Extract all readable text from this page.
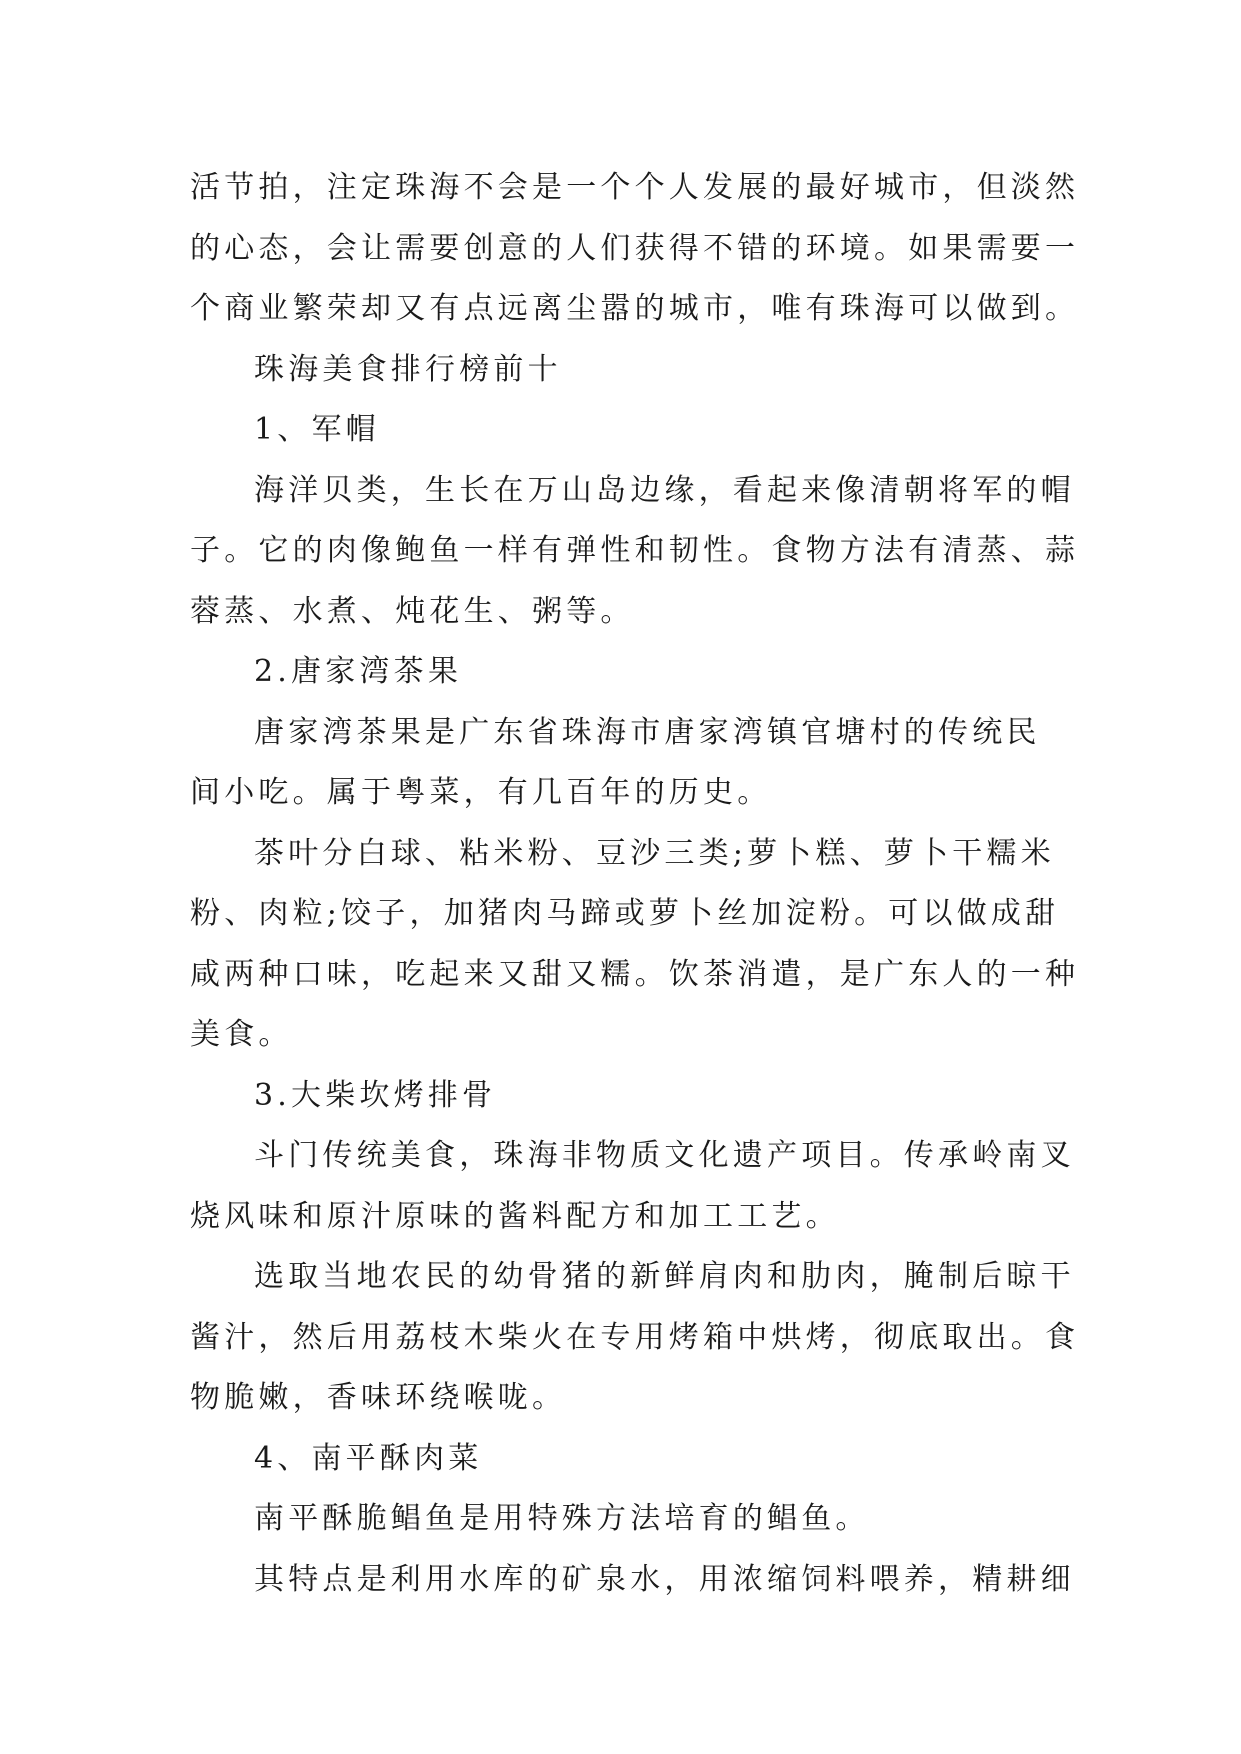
活节拍，注定珠海不会是一个个人发展的最好城市，但淡然
的心态，会让需要创意的人们获得不错的环境。如果需要一
个商业繁荣却又有点远离尘嚣的城市，唯有珠海可以做到。

珠海美食排行榜前十
1、军帽

海洋贝类，生长在万山岛边缘，看起来像清朝将军的帽
子。它的肉像鲍鱼一样有弹性和韧性。食物方法有清蒸、蒜
蓉蒸、水煮、炖花生、粥等。

2.唐家湾茶果

唐家湾茶果是广东省珠海市唐家湾镇官塘村的传统民
间小吃。属于粤菜，有几百年的历史。

茶叶分白球、粘米粉、豆沙三类;萝卜糕、萝卜干糯米
粉、肉粒;饺子，加猪肉马蹄或萝卜丝加淀粉。可以做成甜
咸两种口味，吃起来又甜又糯。饮茶消遣，是广东人的一种
美食。

3.大柴坎烤排骨

斗门传统美食，珠海非物质文化遗产项目。传承岭南叉
烧风味和原汁原味的酱料配方和加工工艺。

选取当地农民的幼骨猪的新鲜肩肉和肋肉，腌制后晾干
酱汁，然后用荔枝木柴火在专用烤箱中烘烤，彻底取出。食
物脆嫩，香味环绕喉咙。

4、南平酥肉菜

南平酥脆鲳鱼是用特殊方法培育的鲳鱼。

其特点是利用水库的矿泉水，用浓缩饲料喂养，精耕细
